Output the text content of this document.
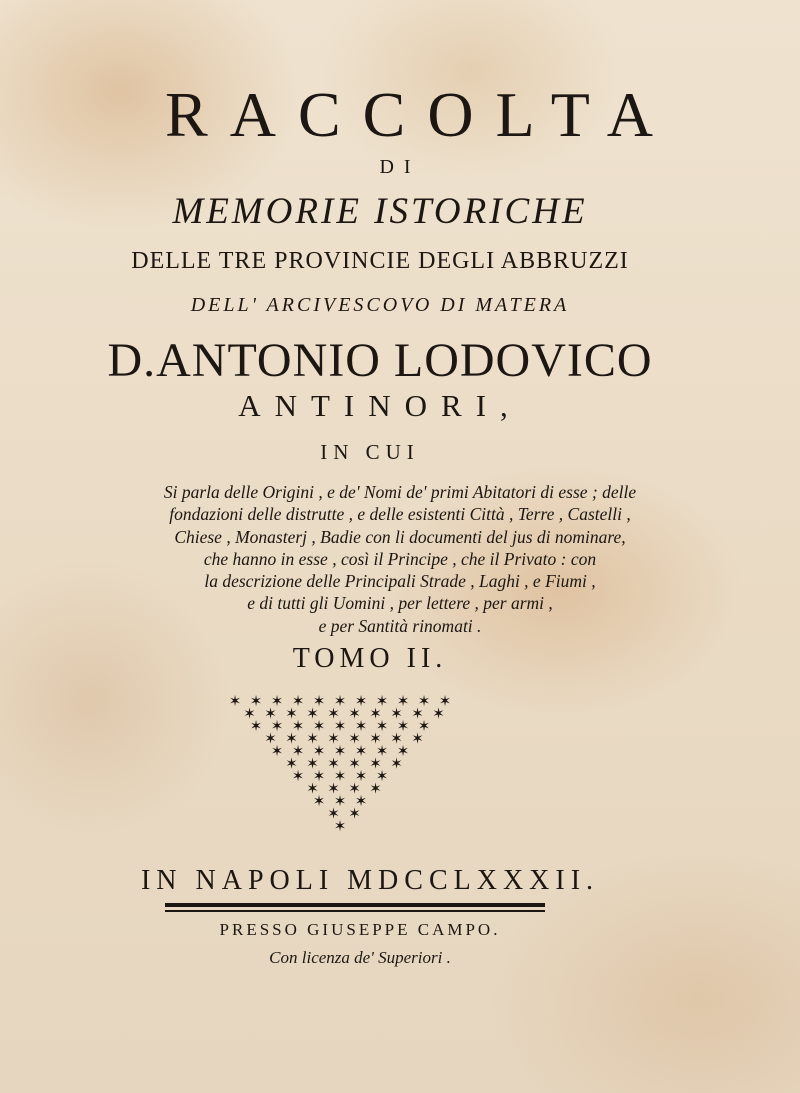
RACCOLTA
DI
MEMORIE ISTORICHE
DELLE TRE PROVINCIE DEGLI ABBRUZZI
DELL' ARCIVESCOVO DI MATERA
D.ANTONIO LODOVICO
ANTINORI,
IN CUI
Si parla delle Origini , e de' Nomi de' primi Abitatori di esse ; delle
fondazioni delle distrutte , e delle esistenti Città , Terre , Castelli ,
Chiese , Monasterj , Badie con li documenti del jus di nominare,
che hanno in esse , così il Principe , che il Privato : con
la descrizione delle Principali Strade , Laghi , e Fiumi ,
e di tutti gli Uomini , per lettere , per armi ,
e per Santità rinomati .
TOMO II.
✶ ✶ ✶ ✶ ✶ ✶ ✶ ✶ ✶ ✶ ✶
✶ ✶ ✶ ✶ ✶ ✶ ✶ ✶ ✶ ✶
✶ ✶ ✶ ✶ ✶ ✶ ✶ ✶ ✶
✶ ✶ ✶ ✶ ✶ ✶ ✶ ✶
✶ ✶ ✶ ✶ ✶ ✶ ✶
✶ ✶ ✶ ✶ ✶ ✶
✶ ✶ ✶ ✶ ✶
✶ ✶ ✶ ✶
✶ ✶ ✶
✶ ✶
✶
IN NAPOLI MDCCLXXXII.
PRESSO GIUSEPPE CAMPO.
Con licenza de' Superiori .
